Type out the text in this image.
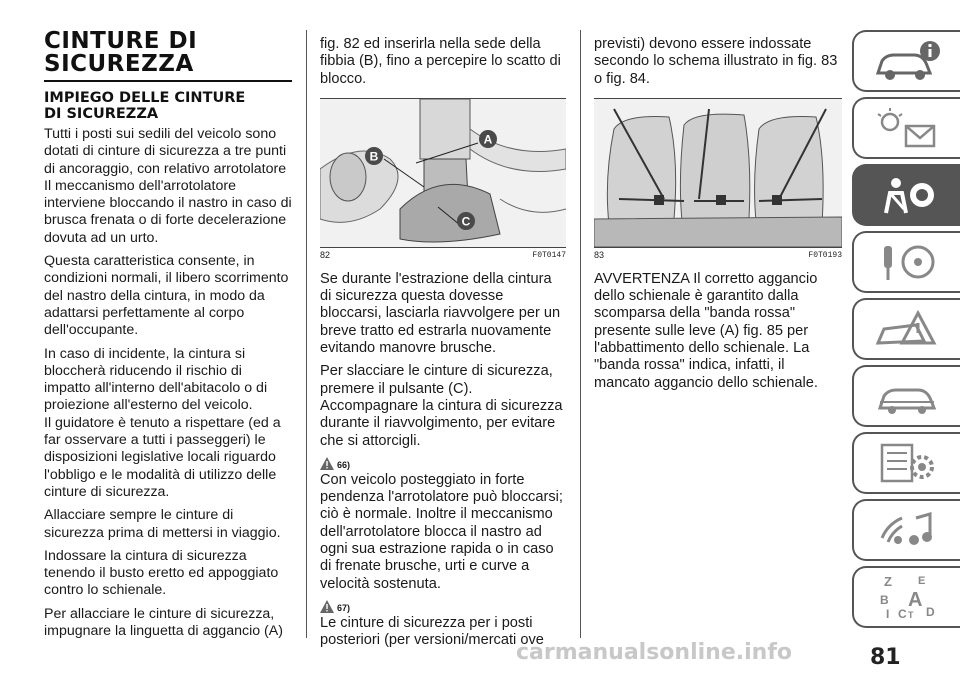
CINTURE DI
SICUREZZA
IMPIEGO DELLE CINTURE
DI SICUREZZA

Tutti i posti sui sedili del veicolo sono dotati di cinture di sicurezza a tre punti di ancoraggio, con relativo arrotolatore

Il meccanismo dell'arrotolatore interviene bloccando il nastro in caso di brusca frenata o di forte decelerazione dovuta ad un urto.

Questa caratteristica consente, in condizioni normali, il libero scorrimento del nastro della cintura, in modo da adattarsi perfettamente al corpo dell'occupante.

In caso di incidente, la cintura si bloccherà riducendo il rischio di impatto all'interno dell'abitacolo o di proiezione all'esterno del veicolo.

Il guidatore è tenuto a rispettare (ed a far osservare a tutti i passeggeri) le disposizioni legislative locali riguardo l'obbligo e le modalità di utilizzo delle cinture di sicurezza.

Allacciare sempre le cinture di sicurezza prima di mettersi in viaggio.

Indossare la cintura di sicurezza tenendo il busto eretto ed appoggiato contro lo schienale.

Per allacciare le cinture di sicurezza, impugnare la linguetta di aggancio (A)

fig. 82 ed inserirla nella sede della fibbia (B), fino a percepire lo scatto di blocco.

A
B
C
82	F0T0147

Se durante l'estrazione della cintura di sicurezza questa dovesse bloccarsi, lasciarla riavvolgere per un breve tratto ed estrarla nuovamente evitando manovre brusche.

Per slacciare le cinture di sicurezza, premere il pulsante (C). Accompagnare la cintura di sicurezza durante il riavvolgimento, per evitare che si attorcigli.

66)

Con veicolo posteggiato in forte pendenza l'arrotolatore può bloccarsi; ciò è normale. Inoltre il meccanismo dell'arrotolatore blocca il nastro ad ogni sua estrazione rapida o in caso di frenate brusche, urti e curve a velocità sostenuta.

67)

Le cinture di sicurezza per i posti posteriori (per versioni/mercati ove

previsti) devono essere indossate secondo lo schema illustrato in fig. 83 o fig. 84.

83	F0T0193

AVVERTENZA Il corretto aggancio dello schienale è garantito dalla scomparsa della "banda rossa" presente sulle leve (A) fig. 85 per l'abbattimento dello schienale. La "banda rossa" indica, infatti, il mancato aggancio dello schienale.

Z E
B A
I C T D
carmanualsonline.info	81
